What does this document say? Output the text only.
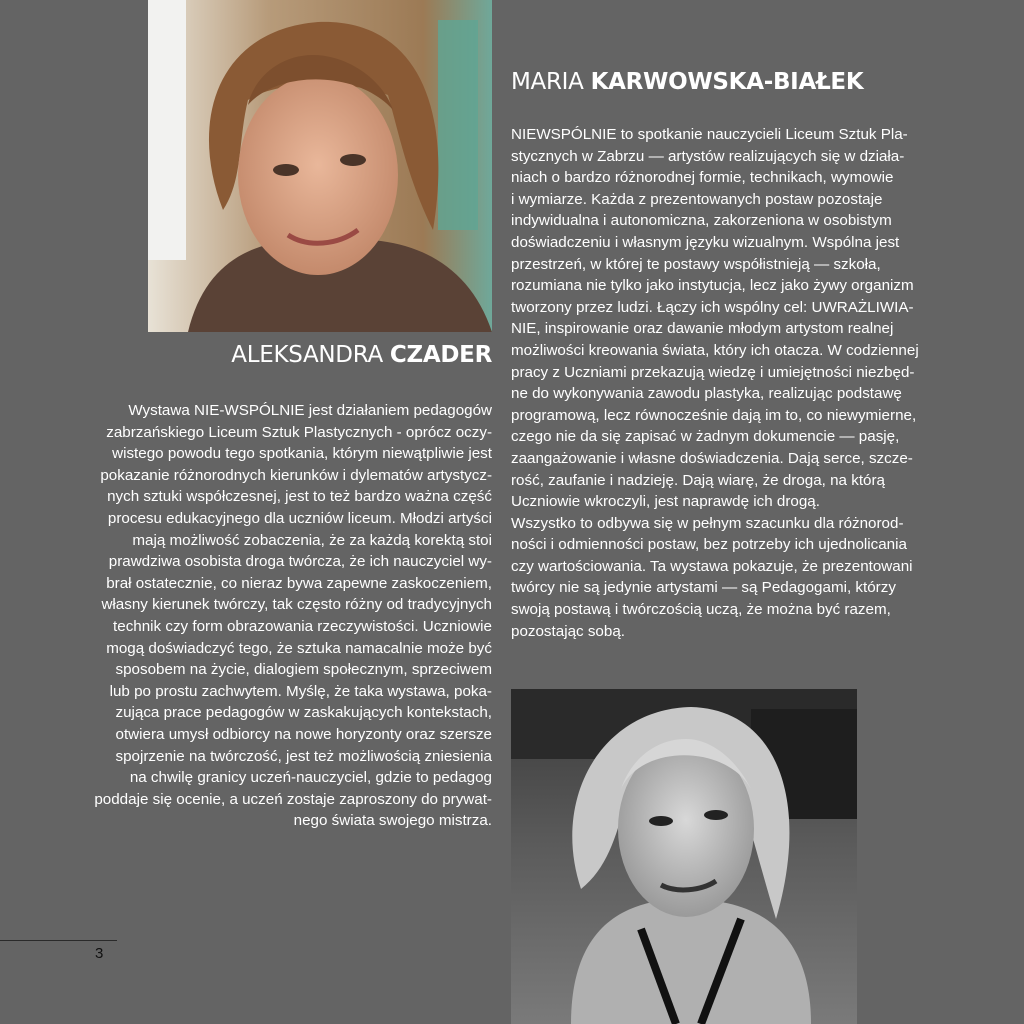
ALEKSANDRA CZADER
Wystawa NIE-WSPÓLNIE jest działaniem pedagogów
zabrzańskiego Liceum Sztuk Plastycznych - oprócz oczy-
wistego powodu tego spotkania, którym niewątpliwie jest
pokazanie różnorodnych kierunków i dylematów artystycz-
nych sztuki współczesnej, jest to też bardzo ważna część
procesu edukacyjnego dla uczniów liceum. Młodzi artyści
mają możliwość zobaczenia, że za każdą korektą stoi
prawdziwa osobista droga twórcza, że ich nauczyciel wy-
brał ostatecznie, co nieraz bywa zapewne zaskoczeniem,
własny kierunek twórczy, tak często różny od tradycyjnych
technik czy form obrazowania rzeczywistości. Uczniowie
mogą doświadczyć tego, że sztuka namacalnie może być
sposobem na życie, dialogiem społecznym, sprzeciwem
lub po prostu zachwytem. Myślę, że taka wystawa, poka-
zująca prace pedagogów w zaskakujących kontekstach,
otwiera umysł odbiorcy na nowe horyzonty oraz szersze
spojrzenie na twórczość, jest też możliwością zniesienia
na chwilę granicy uczeń-nauczyciel, gdzie to pedagog
poddaje się ocenie, a uczeń zostaje zaproszony do prywat-
nego świata swojego mistrza.
MARIA KARWOWSKA-BIAŁEK
NIEWSPÓLNIE to spotkanie nauczycieli Liceum Sztuk Pla-
stycznych w Zabrzu — artystów realizujących się w działa-
niach o bardzo różnorodnej formie, technikach, wymowie
i wymiarze. Każda z prezentowanych postaw pozostaje
indywidualna i autonomiczna, zakorzeniona w osobistym
doświadczeniu i własnym języku wizualnym. Wspólna jest
przestrzeń, w której te postawy współistnieją — szkoła,
rozumiana nie tylko jako instytucja, lecz jako żywy organizm
tworzony przez ludzi. Łączy ich wspólny cel: UWRAŻLIWIA-
NIE, inspirowanie oraz dawanie młodym artystom realnej
możliwości kreowania świata, który ich otacza. W codziennej
pracy z Uczniami przekazują wiedzę i umiejętności niezbęd-
ne do wykonywania zawodu plastyka, realizując podstawę
programową, lecz równocześnie dają im to, co niewymierne,
czego nie da się zapisać w żadnym dokumencie — pasję,
zaangażowanie i własne doświadczenia. Dają serce, szcze-
rość, zaufanie i nadzieję. Dają wiarę, że droga, na którą
Uczniowie wkroczyli, jest naprawdę ich drogą.
Wszystko to odbywa się w pełnym szacunku dla różnorod-
ności i odmienności postaw, bez potrzeby ich ujednolicania
czy wartościowania. Ta wystawa pokazuje, że prezentowani
twórcy nie są jedynie artystami — są Pedagogami, którzy
swoją postawą i twórczością uczą, że można być razem,
pozostając sobą.
3
